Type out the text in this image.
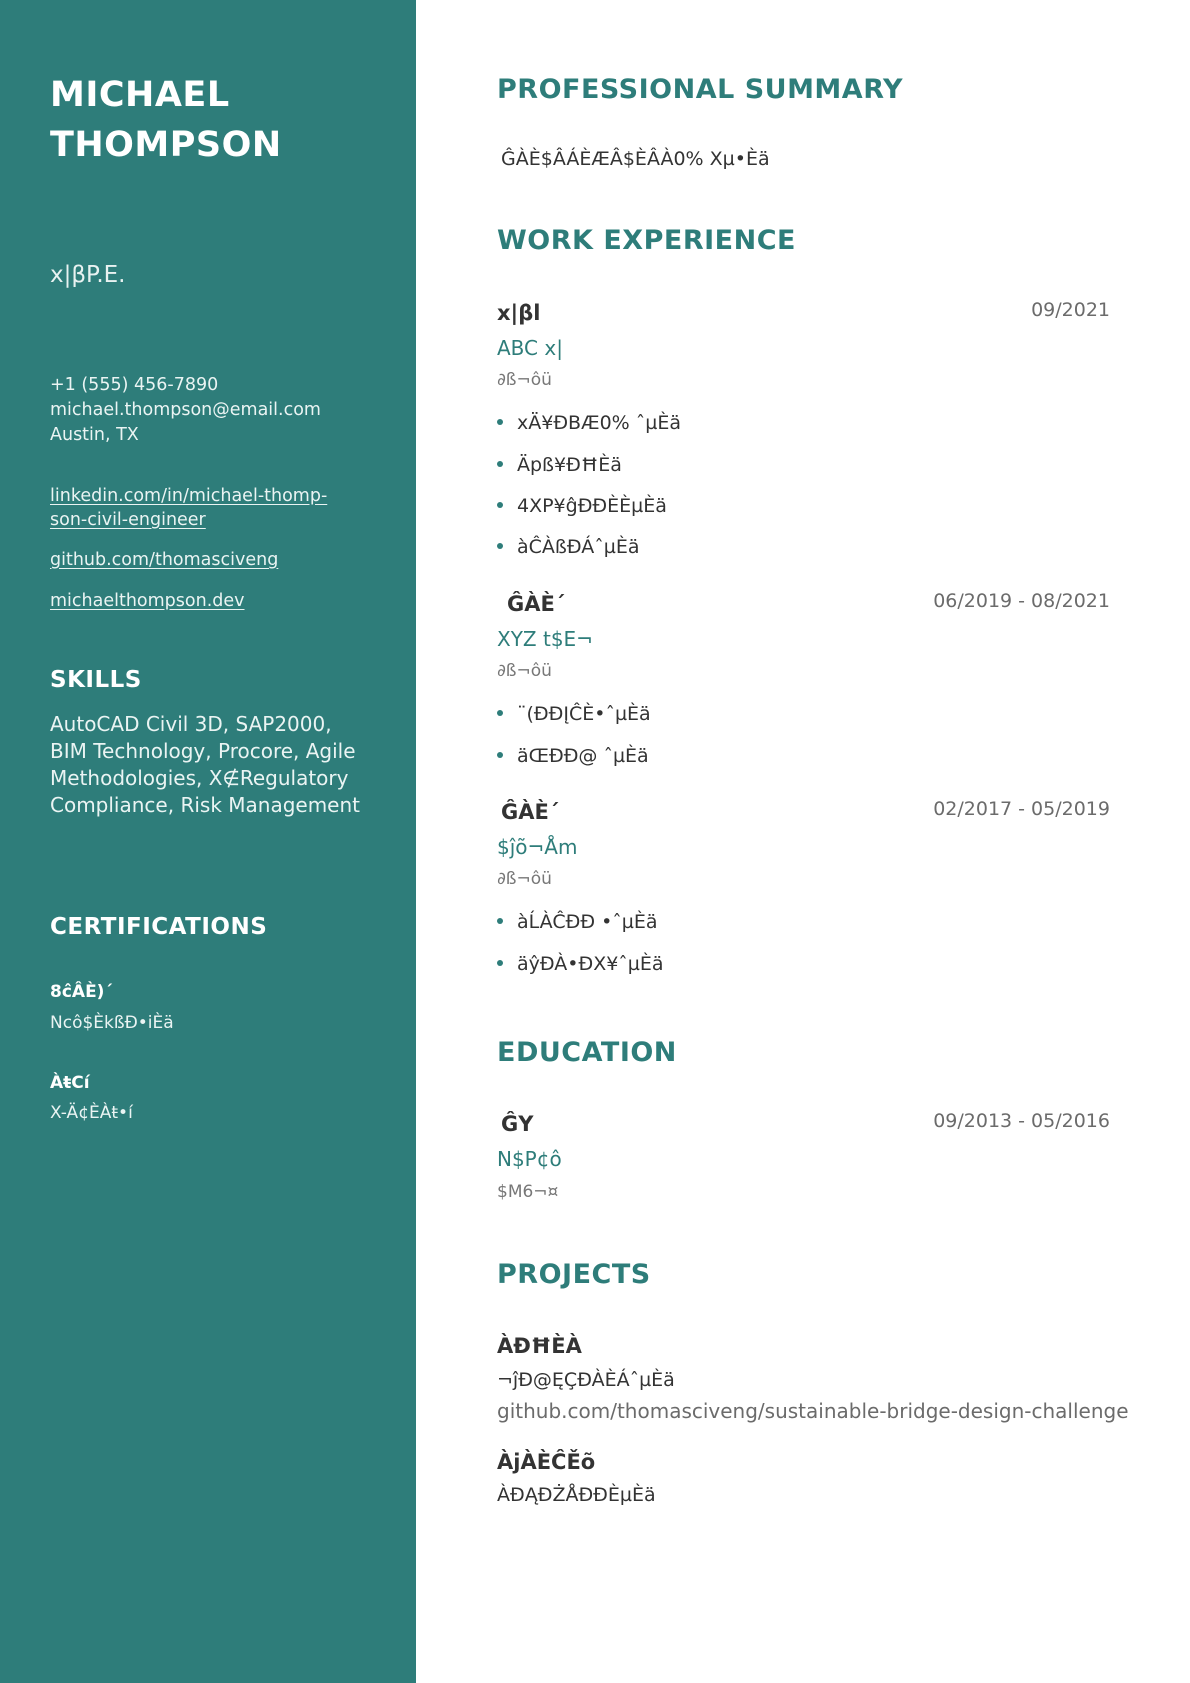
MICHAEL
THOMPSON
x|βP.E.
+1 (555) 456-7890
michael.thompson@email.com
Austin, TX
linkedin.com/in/michael-thomp-
son-civil-engineer
github.com/thomasciveng
michaelthompson.dev
SKILLS
AutoCAD Civil 3D, SAP2000, BIM Technology, Procore, Agile Methodologies, X∉Regulatory Compliance, Risk Management
CERTIFICATIONS
8ĉÂÈ)´
Ncô$ÈkßĐ•iÈä
ÀŧCí
X-Ä¢ÈÀŧ•í
PROFESSIONAL SUMMARY
ĜÀÈ$ÂÁÈÆÂ$ÈÂÀ0% Xµ•Èä
WORK EXPERIENCE
x|βl	09/2021
ABC x|
∂ß¬ôü
xÄ¥ĐBÆ0% ˆµÈä
Äpß¥ĐĦÈä
4XP¥ĝĐÐÈÈµÈä
àĈÀßĐÁˆµÈä
ĜÀÈ´	06/2019 - 08/2021
XYZ t$E¬
∂ß¬ôü
¨(ÐĐĮĈÈ•ˆµÈä
äŒÐĐ@ ˆµÈä
ĜÀÈ´	02/2017 - 05/2019
$ĵõ¬Åm
∂ß¬ôü
àĹÀĈĐĐ •ˆµÈä
äŷĐÀ•ĐX¥ˆµÈä
EDUCATION
ĜY	09/2013 - 05/2016
N$P¢ô
$M6¬¤
PROJECTS
ÀĐĦÈÀ
¬ĵĐ@ĘÇĐÀÈÁˆµÈä
github.com/thomasciveng/sustainable-bridge-design-challenge
ÀjÀÈĈĚõ
ÀĐĄĐŻÅĐĐÈµÈä
